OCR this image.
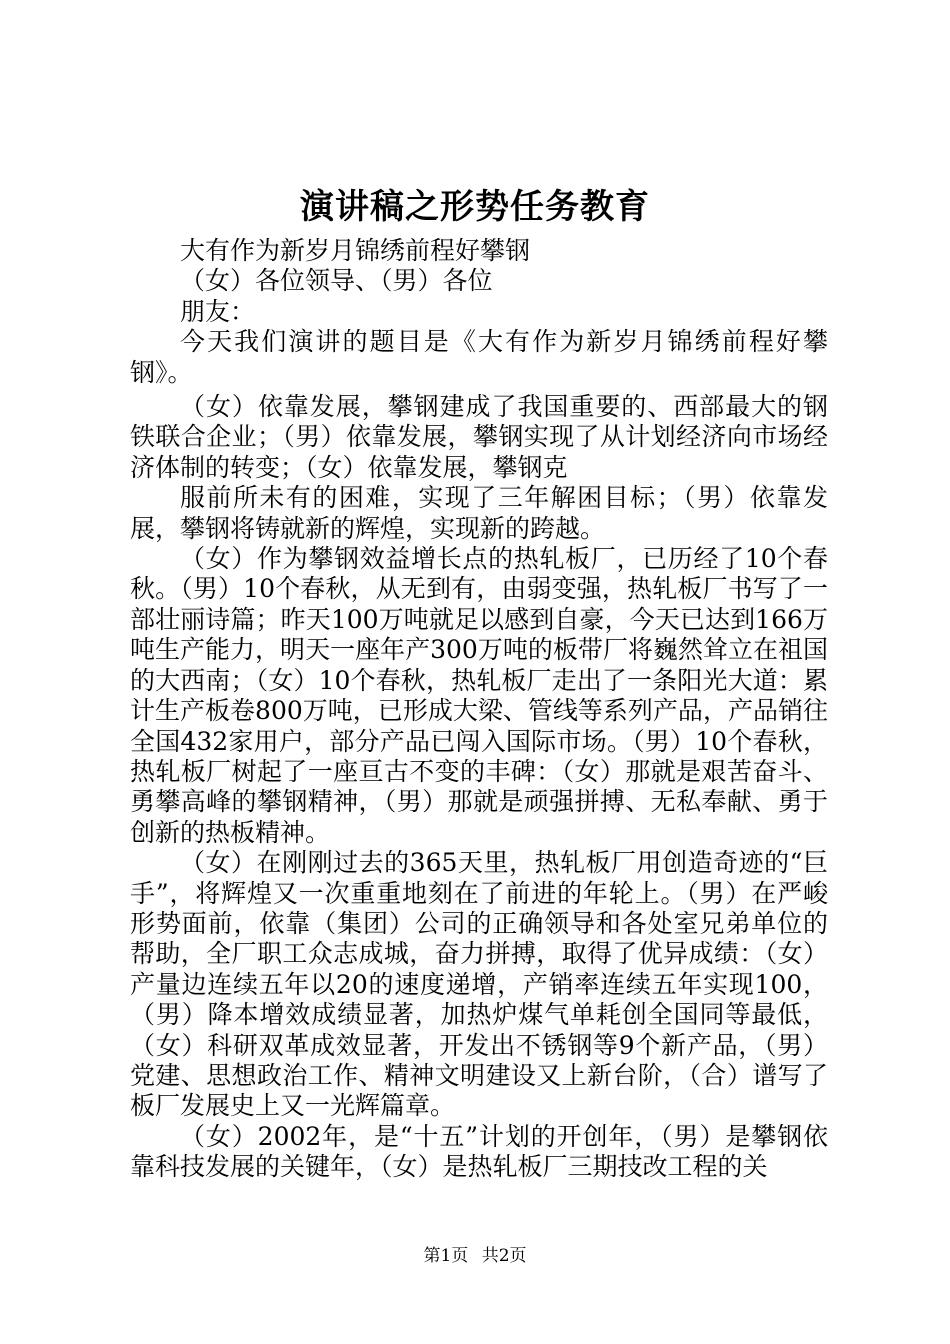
演讲稿之形势任务教育

大有作为新岁月锦绣前程好攀钢

（女）各位领导、（男）各位

朋友：

今天我们演讲的题目是《大有作为新岁月锦绣前程好攀钢》。

（女）依靠发展，攀钢建成了我国重要的、西部最大的钢铁联合企业；（男）依靠发展，攀钢实现了从计划经济向市场经济体制的转变；（女）依靠发展，攀钢克

服前所未有的困难，实现了三年解困目标；（男）依靠发展，攀钢将铸就新的辉煌，实现新的跨越。

（女）作为攀钢效益增长点的热轧板厂，已历经了10个春秋。（男）10个春秋，从无到有，由弱变强，热轧板厂书写了一部壮丽诗篇；昨天100万吨就足以感到自豪，今天已达到166万吨生产能力，明天一座年产300万吨的板带厂将巍然耸立在祖国的大西南；（女）10个春秋，热轧板厂走出了一条阳光大道：累计生产板卷800万吨，已形成大梁、管线等系列产品，产品销往全国432家用户，部分产品已闯入国际市场。（男）10个春秋，热轧板厂树起了一座亘古不变的丰碑：（女）那就是艰苦奋斗、勇攀高峰的攀钢精神，（男）那就是顽强拼搏、无私奉献、勇于创新的热板精神。

（女）在刚刚过去的365天里，热轧板厂用创造奇迹的“巨手”，将辉煌又一次重重地刻在了前进的年轮上。（男）在严峻形势面前，依靠（集团）公司的正确领导和各处室兄弟单位的帮助，全厂职工众志成城，奋力拼搏，取得了优异成绩：（女）产量边连续五年以20的速度递增，产销率连续五年实现100，（男）降本增效成绩显著，加热炉煤气单耗创全国同等最低，（女）科研双革成效显著，开发出不锈钢等9个新产品，（男）党建、思想政治工作、精神文明建设又上新台阶，（合）谱写了板厂发展史上又一光辉篇章。

（女）2002年，是“十五”计划的开创年，（男）是攀钢依靠科技发展的关键年，（女）是热轧板厂三期技改工程的关

第1页 共2页
